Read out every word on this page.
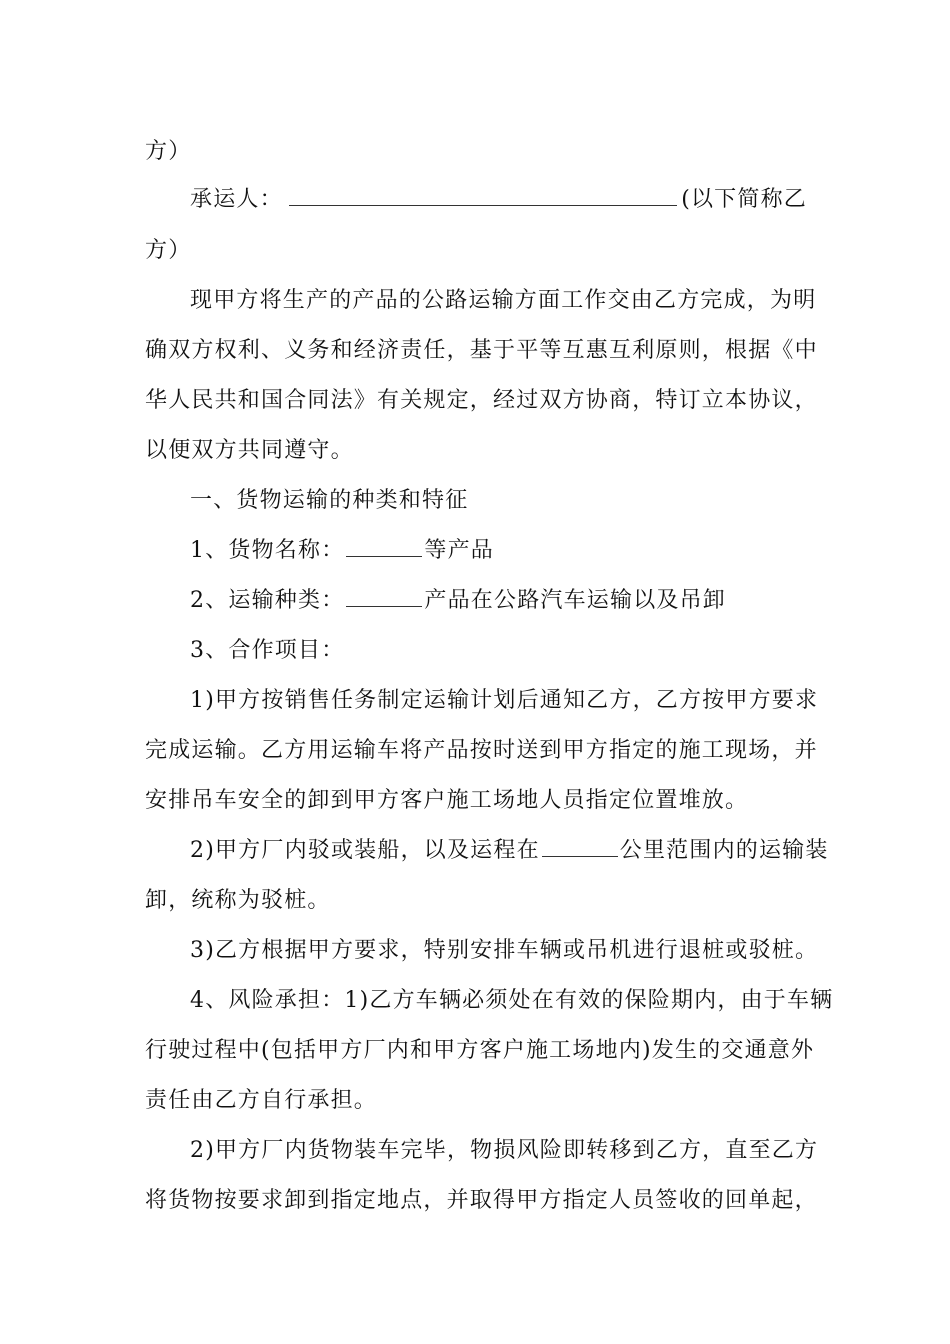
方）
承运人：	(以下简称乙
方）
现甲方将生产的产品的公路运输方面工作交由乙方完成，为明
确双方权利、义务和经济责任，基于平等互惠互利原则，根据《中
华人民共和国合同法》有关规定，经过双方协商，特订立本协议，
以便双方共同遵守。
一、货物运输的种类和特征
1、货物名称：	等产品
2、运输种类：	产品在公路汽车运输以及吊卸
3、合作项目：
1)甲方按销售任务制定运输计划后通知乙方，乙方按甲方要求
完成运输。乙方用运输车将产品按时送到甲方指定的施工现场，并
安排吊车安全的卸到甲方客户施工场地人员指定位置堆放。
2)甲方厂内驳或装船，以及运程在	公里范围内的运输装
卸，统称为驳桩。
3)乙方根据甲方要求，特别安排车辆或吊机进行退桩或驳桩。
4、风险承担：1)乙方车辆必须处在有效的保险期内，由于车辆
行驶过程中(包括甲方厂内和甲方客户施工场地内)发生的交通意外
责任由乙方自行承担。
2)甲方厂内货物装车完毕，物损风险即转移到乙方，直至乙方
将货物按要求卸到指定地点，并取得甲方指定人员签收的回单起，
